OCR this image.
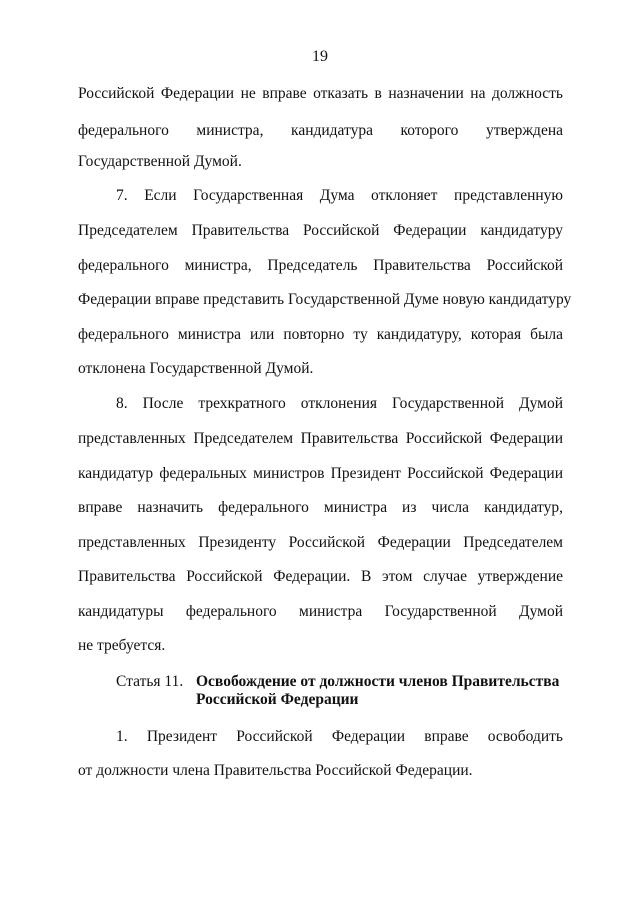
19
Российской Федерации не вправе отказать в назначении на должность
федерального министра, кандидатура которого утверждена
Государственной Думой.
7. Если Государственная Дума отклоняет представленную
Председателем Правительства Российской Федерации кандидатуру
федерального министра, Председатель Правительства Российской
Федерации вправе представить Государственной Думе новую кандидатуру
федерального министра или повторно ту кандидатуру, которая была
отклонена Государственной Думой.
8. После трехкратного отклонения Государственной Думой
представленных Председателем Правительства Российской Федерации
кандидатур федеральных министров Президент Российской Федерации
вправе назначить федерального министра из числа кандидатур,
представленных Президенту Российской Федерации Председателем
Правительства Российской Федерации. В этом случае утверждение
кандидатуры федерального министра Государственной Думой
не требуется.
1. Президент Российской Федерации вправе освободить
от должности члена Правительства Российской Федерации.
Статья 11. Освобождение от должности членов Правительства Российской Федерации
